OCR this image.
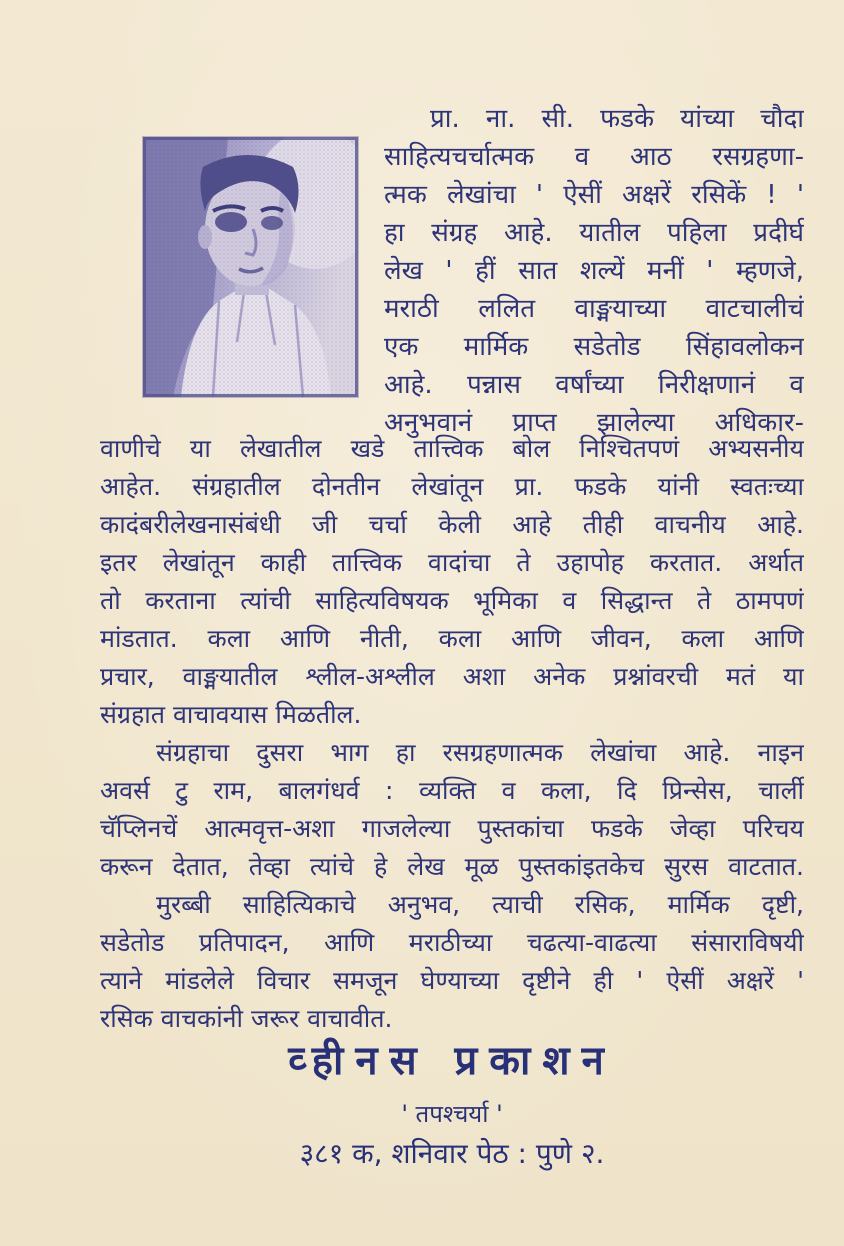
प्रा. ना. सी. फडके यांच्या चौदा
साहित्यचर्चात्मक व आठ रसग्रहणा-
त्मक लेखांचा ' ऐसीं अक्षरें रसिकें ! '
हा संग्रह आहे. यातील पहिला प्रदीर्घ
लेख ' हीं सात शल्यें मनीं ' म्हणजे,
मराठी ललित वाङ्मयाच्या वाटचालीचं
एक मार्मिक सडेतोड सिंहावलोकन
आहे. पन्नास वर्षांच्या निरीक्षणानं व
अनुभवानं प्राप्त झालेल्या अधिकार-
वाणीचे या लेखातील खडे तात्त्विक बोल निश्चितपणं अभ्यसनीय
आहेत. संग्रहातील दोनतीन लेखांतून प्रा. फडके यांनी स्वतःच्या
कादंबरीलेखनासंबंधी जी चर्चा केली आहे तीही वाचनीय आहे.
इतर लेखांतून काही तात्त्विक वादांचा ते उहापोह करतात. अर्थात
तो करताना त्यांची साहित्यविषयक भूमिका व सिद्धान्त ते ठामपणं
मांडतात. कला आणि नीती, कला आणि जीवन, कला आणि
प्रचार, वाङ्मयातील श्लील-अश्लील अशा अनेक प्रश्नांवरची मतं या
संग्रहात वाचावयास मिळतील.
संग्रहाचा दुसरा भाग हा रसग्रहणात्मक लेखांचा आहे. नाइन
अवर्स टु राम, बालगंधर्व : व्यक्ति व कला, दि प्रिन्सेस, चार्ली
चॅप्लिनचें आत्मवृत्त-अशा गाजलेल्या पुस्तकांचा फडके जेव्हा परिचय
करून देतात, तेव्हा त्यांचे हे लेख मूळ पुस्तकांइतकेच सुरस वाटतात.
मुरब्बी साहित्यिकाचे अनुभव, त्याची रसिक, मार्मिक दृष्टी,
सडेतोड प्रतिपादन, आणि मराठीच्या चढत्या-वाढत्या संसाराविषयी
त्याने मांडलेले विचार समजून घेण्याच्या दृष्टीने ही ' ऐसीं अक्षरें '
रसिक वाचकांनी जरूर वाचावीत.
व्हीनस प्रकाशन
' तपश्चर्या '
३८१ क, शनिवार पेठ : पुणे २.
